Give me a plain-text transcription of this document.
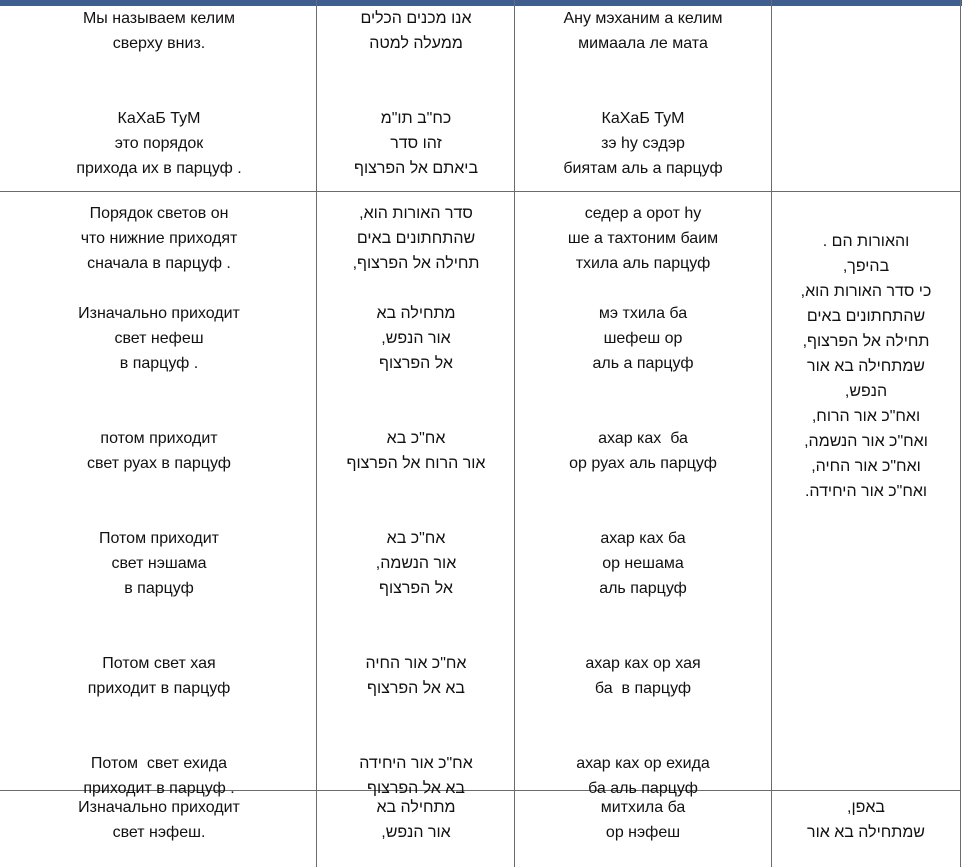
Мы называем келим
сверху вниз.

КаХаБ ТуМ
это порядок
прихода их в парцуф .
אנו מכנים הכלים
ממעלה למטה

כח"ב תו"מ
זהו סדר
ביאתם אל הפרצוף
Ану мэханим а келим
мимаала ле мата

КаХаБ ТуМ
зэ hу сэдэр
биятам аль а парцуф
Порядок светов он
что нижние приходят
сначала в парцуф .

Изначально приходит
свет нефеш
в парцуф .

потом приходит
свет руах в парцуф

Потом приходит
свет нэшама
в парцуф

Потом свет хая
приходит в парцуф

Потом  свет ехида
приходит в парцуф .
סדר האורות הוא,
שהתחתונים באים
תחילה אל הפרצוף,

מתחילה בא
אור הנפש,
אל הפרצוף

אח"כ בא
אור הרוח אל הפרצוף

אח"כ בא
אור הנשמה,
אל הפרצוף

אח"כ אור החיה
בא אל הפרצוף

אח"כ אור היחידה
בא אל הפרצוף
седер а орот hу
ше а тахтоним баим
тхила аль парцуф

мэ тхила ба
шефеш ор
аль а парцуф

ахар ках  ба
ор руах аль парцуф

ахар ках ба
ор нешама
аль парцуф

ахар ках ор хая
ба  в парцуф

ахар ках ор ехида
ба аль парцуф
והאורות הם .
בהיפך,
כי סדר האורות הוא,
שהתחתונים באים
תחילה אל הפרצוף,
שמתחילה בא אור
הנפש,
ואח"כ אור הרוח,
ואח"כ אור הנשמה,
ואח"כ אור החיה,
ואח"כ אור היחידה.
Изначально приходит
свет нэфеш.
מתחילה בא
אור הנפש,
митхила ба
ор нэфеш
באפן,
שמתחילה בא אור
